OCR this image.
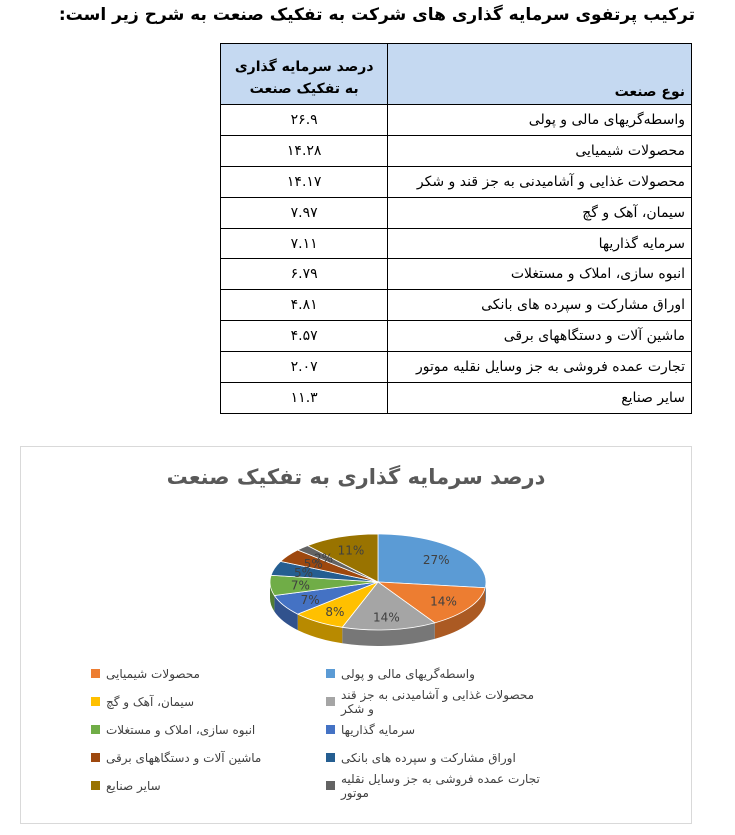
ترکیب پرتفوی سرمایه گذاری های شرکت به تفکیک صنعت به شرح زیر است:
نوع صنعت	درصد سرمایه گذاری
به تفکیک صنعت

واسطه‌گریهای مالی و پولی	۲۶.۹
محصولات شیمیایی	۱۴.۲۸
محصولات غذایی و آشامیدنی به جز قند و شکر	۱۴.۱۷
سیمان، آهک و گچ	۷.۹۷
سرمایه گذاریها	۷.۱۱
انبوه سازی، املاک و مستغلات	۶.۷۹
اوراق مشارکت و سپرده های بانکی	۴.۸۱
ماشین آلات و دستگاههای برقی	۴.۵۷
تجارت عمده فروشی به جز وسایل نقلیه موتور	۲.۰۷
سایر صنایع	۱۱.۳
درصد سرمایه گذاری به تفکیک صنعت
27%
14%
14%
8%
7%
7%
5%
5%
2%
11%
محصولات شیمیایی	واسطه‌گریهای مالی و پولی
سیمان، آهک و گچ	محصولات غذایی و آشامیدنی به جز قند و شکر
انبوه سازی، املاک و مستغلات	سرمایه گذاریها
ماشین آلات و دستگاههای برقی	اوراق مشارکت و سپرده های بانکی
سایر صنایع	تجارت عمده فروشی به جز وسایل نقلیه موتور
